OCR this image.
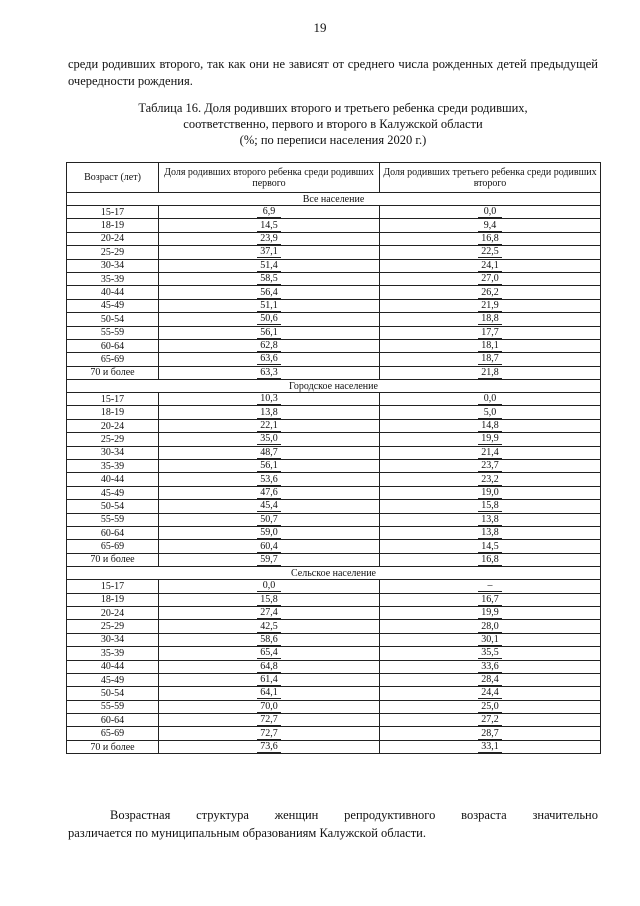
19
среди родивших второго, так как они не зависят от среднего числа рожденных детей предыдущей очередности рождения.
Таблица 16. Доля родивших второго и третьего ребенка среди родивших,
соответственно, первого и второго в Калужской области
(%; по переписи населения 2020 г.)
Возраст (лет)	Доля родивших второго ребенка среди родивших первого	Доля родивших третьего ребенка среди родивших второго
Все население		
15-17	6,9	0,0
18-19	14,5	9,4
20-24	23,9	16,8
25-29	37,1	22,5
30-34	51,4	24,1
35-39	58,5	27,0
40-44	56,4	26,2
45-49	51,1	21,9
50-54	50,6	18,8
55-59	56,1	17,7
60-64	62,8	18,1
65-69	63,6	18,7
70 и более	63,3	21,8
Городское население		
15-17	10,3	0,0
18-19	13,8	5,0
20-24	22,1	14,8
25-29	35,0	19,9
30-34	48,7	21,4
35-39	56,1	23,7
40-44	53,6	23,2
45-49	47,6	19,0
50-54	45,4	15,8
55-59	50,7	13,8
60-64	59,0	13,8
65-69	60,4	14,5
70 и более	59,7	16,8
Сельское население		
15-17	0,0	–
18-19	15,8	16,7
20-24	27,4	19,9
25-29	42,5	28,0
30-34	58,6	30,1
35-39	65,4	35,5
40-44	64,8	33,6
45-49	61,4	28,4
50-54	64,1	24,4
55-59	70,0	25,0
60-64	72,7	27,2
65-69	72,7	28,7
70 и более	73,6	33,1
Возрастная структура женщин репродуктивного возраста значительно
различается по муниципальным образованиям Калужской области.
